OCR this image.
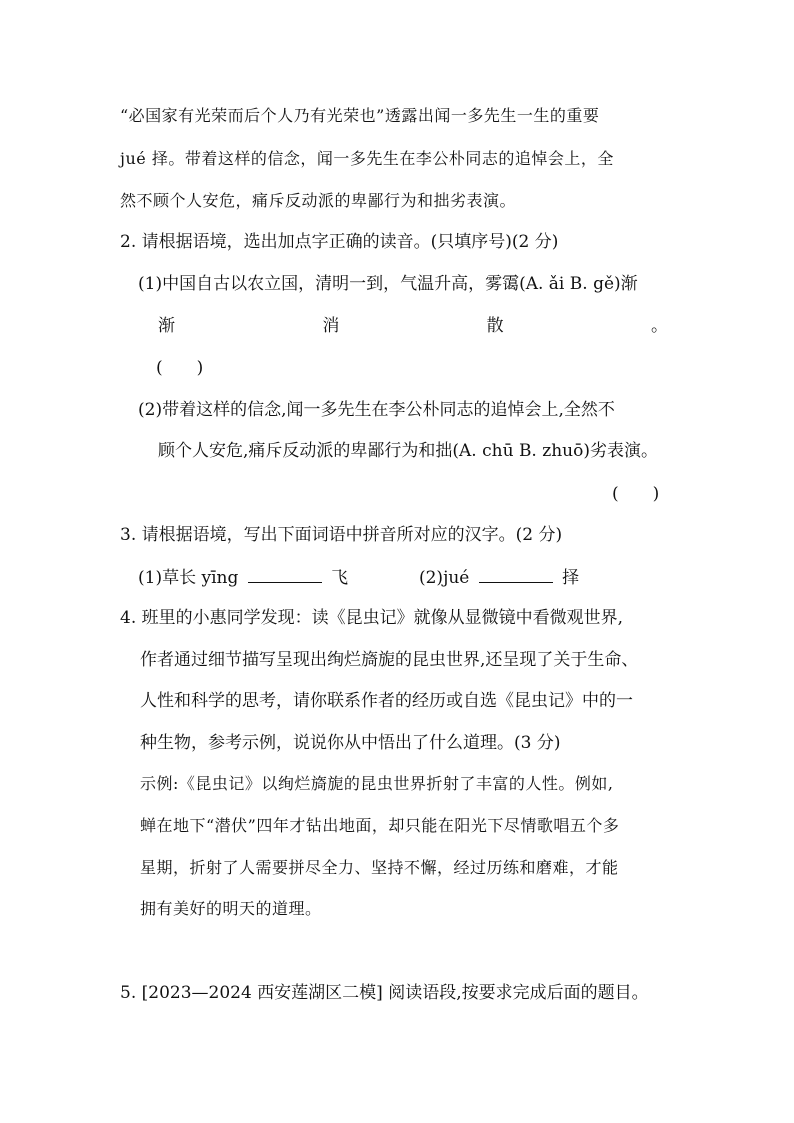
“必国家有光荣而后个人乃有光荣也”透露出闻一多先生一生的重要
jué 择。带着这样的信念，闻一多先生在李公朴同志的追悼会上，全
然不顾个人安危，痛斥反动派的卑鄙行为和拙劣表演。
2. 请根据语境，选出加点字正确的读音。(只填序号)(2 分)
(1)中国自古以农立国，清明一到，气温升高，雾霭(A. ǎi B. gě)渐
渐	消	散	。
(　　)
(2)带着这样的信念,闻一多先生在李公朴同志的追悼会上,全然不
顾个人安危,痛斥反动派的卑鄙行为和拙(A. chū B. zhuō)劣表演。
(　　)
3. 请根据语境，写出下面词语中拼音所对应的汉字。(2 分)
(1)草长 yīng	飞	(2)jué	择
4. 班里的小惠同学发现：读《昆虫记》就像从显微镜中看微观世界,
作者通过细节描写呈现出绚烂旖旎的昆虫世界,还呈现了关于生命、
人性和科学的思考，请你联系作者的经历或自选《昆虫记》中的一
种生物，参考示例，说说你从中悟出了什么道理。(3 分)
示例:《昆虫记》以绚烂旖旎的昆虫世界折射了丰富的人性。例如,
蝉在地下“潜伏”四年才钻出地面，却只能在阳光下尽情歌唱五个多
星期，折射了人需要拼尽全力、坚持不懈，经过历练和磨难，才能
拥有美好的明天的道理。
5. [2023—2024 西安莲湖区二模] 阅读语段,按要求完成后面的题目。
